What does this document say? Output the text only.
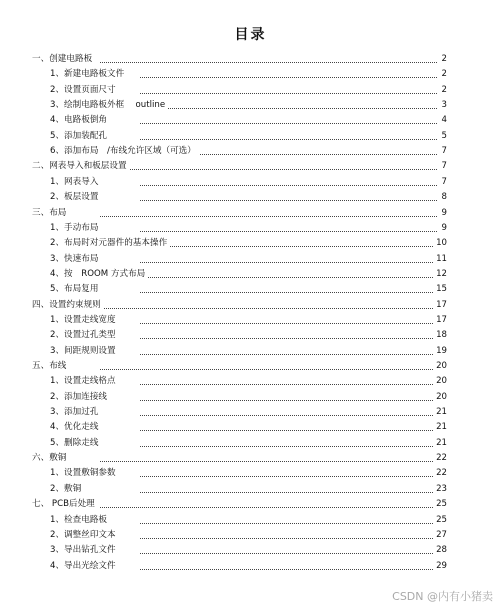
目录
一、创建电路板	2
1、新建电路板文件	2
2、设置页面尺寸	2
3、绘制电路板外框　 outline	3
4、电路板倒角	4
5、添加装配孔	5
6、添加布局　/布线允许区域（可选）	7
二、网表导入和板层设置	7
1、网表导入	7
2、板层设置	8
三、布局	9
1、手动布局	9
2、布局时对元器件的基本操作	10
3、快速布局	11
4、按　ROOM 方式布局	12
5、布局复用	15
四、设置约束规则	17
1、设置走线宽度	17
2、设置过孔类型	18
3、间距规则设置	19
五、布线	20
1、设置走线格点	20
2、添加连接线	20
3、添加过孔	21
4、优化走线	21
5、删除走线	21
六、敷铜	22
1、设置敷铜参数	22
2、敷铜	23
七、 PCB后处理	25
1、检查电路板	25
2、调整丝印文本	27
3、导出钻孔文件	28
4、导出光绘文件	29
CSDN @内有小猪卖
